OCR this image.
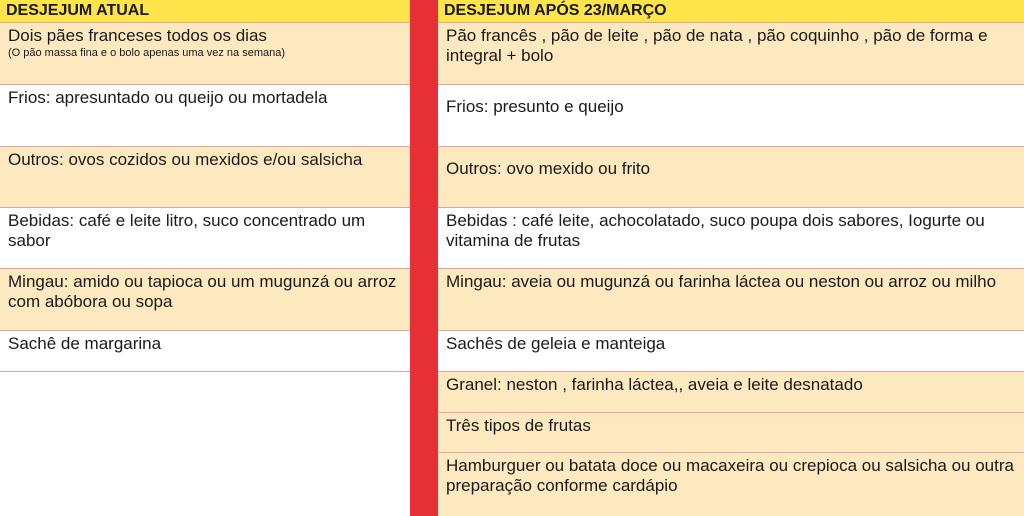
DESJEJUM ATUAL
Dois pães franceses todos os dias
(O pão massa fina e o bolo apenas uma vez na semana)
Frios: apresuntado ou queijo ou mortadela
Outros: ovos cozidos ou mexidos e/ou salsicha
Bebidas: café e leite litro, suco concentrado um sabor
Mingau: amido ou tapioca ou um mugunzá ou arroz com abóbora ou sopa
Sachê de margarina
DESJEJUM APÓS 23/MARÇO
Pão francês , pão de leite , pão de nata , pão coquinho , pão de forma e integral + bolo
Frios: presunto e queijo
Outros: ovo mexido ou frito
Bebidas : café leite, achocolatado, suco poupa dois sabores, Iogurte ou vitamina de frutas
Mingau: aveia ou mugunzá ou farinha láctea ou neston ou arroz ou milho
Sachês de geleia e manteiga
Granel: neston , farinha láctea,, aveia e leite desnatado
Três tipos de frutas
Hamburguer ou batata doce ou macaxeira ou crepioca ou salsicha ou outra preparação conforme cardápio
